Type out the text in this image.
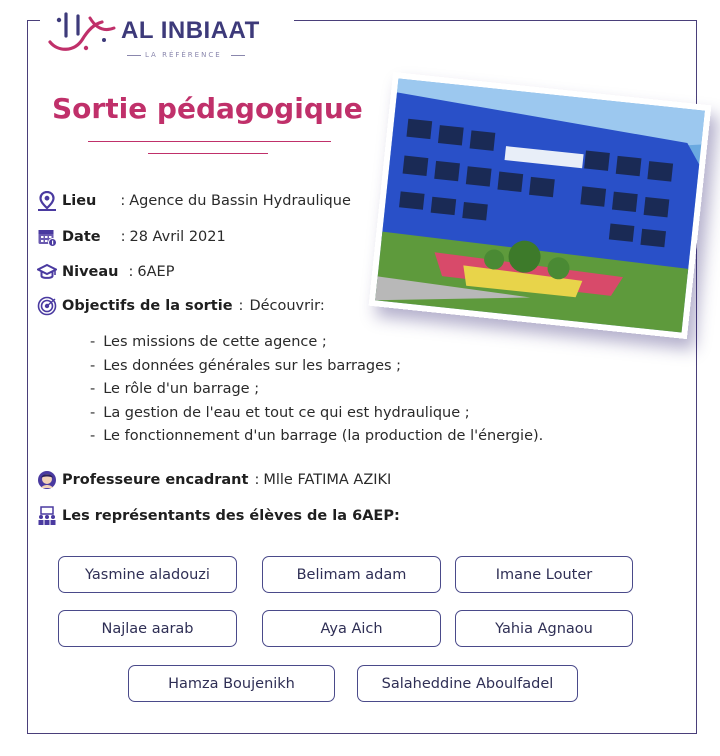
AL INBIAAT
LA RÉFÉRENCE
Sortie pédagogique
Lieu : Agence du Bassin Hydraulique
Date : 28 Avril 2021
Niveau : 6AEP
Objectifs de la sortie : Découvrir:
- Les missions de cette agence ;
- Les données générales sur les barrages ;
- Le rôle d'un barrage ;
- La gestion de l'eau et tout ce qui est hydraulique ;
- Le fonctionnement d'un barrage (la production de l'énergie).
Professeure encadrant : Mlle FATIMA AZIKI
Les représentants des élèves de la 6AEP:
Yasmine aladouzi	Belimam adam	Imane Louter
Najlae aarab	Aya Aich	Yahia Agnaou
Hamza Boujenikh	Salaheddine Aboulfadel
